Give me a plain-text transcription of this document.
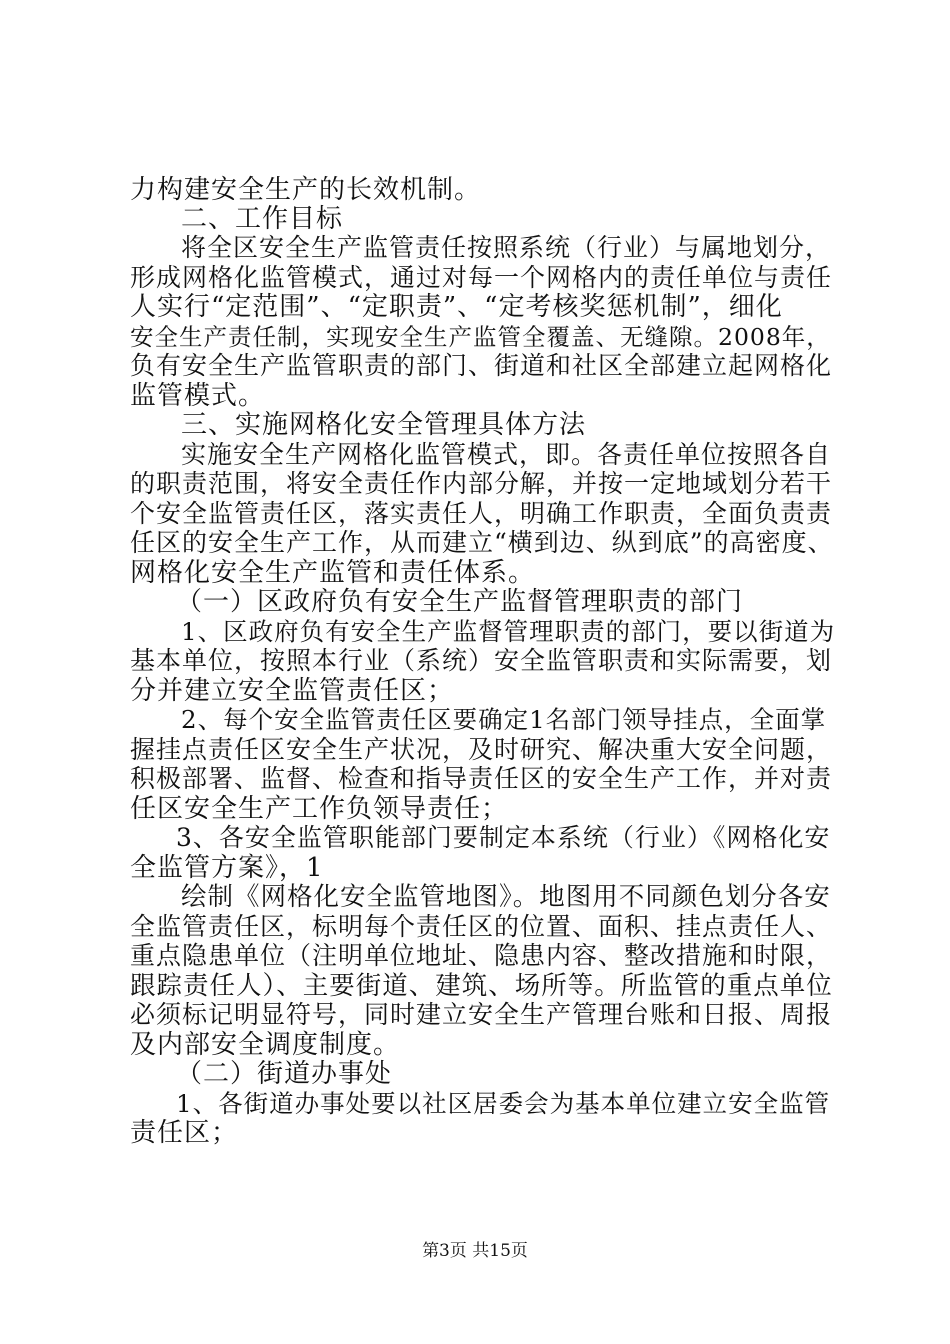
力构建安全生产的长效机制。
二、工作目标
将全区安全生产监管责任按照系统（行业）与属地划分，
形成网格化监管模式，通过对每一个网格内的责任单位与责任
人实行“定范围”、“定职责”、“定考核奖惩机制”，细化
安全生产责任制，实现安全生产监管全覆盖、无缝隙。2008年，
负有安全生产监管职责的部门、街道和社区全部建立起网格化
监管模式。
三、实施网格化安全管理具体方法
实施安全生产网格化监管模式，即。各责任单位按照各自
的职责范围，将安全责任作内部分解，并按一定地域划分若干
个安全监管责任区，落实责任人，明确工作职责，全面负责责
任区的安全生产工作，从而建立“横到边、纵到底”的高密度、
网格化安全生产监管和责任体系。
（一）区政府负有安全生产监督管理职责的部门
1、区政府负有安全生产监督管理职责的部门，要以街道为
基本单位，按照本行业（系统）安全监管职责和实际需要，划
分并建立安全监管责任区；
2、每个安全监管责任区要确定1名部门领导挂点，全面掌
握挂点责任区安全生产状况，及时研究、解决重大安全问题，
积极部署、监督、检查和指导责任区的安全生产工作，并对责
任区安全生产工作负领导责任；
3、各安全监管职能部门要制定本系统（行业）《网格化安
全监管方案》，1
绘制《网格化安全监管地图》。地图用不同颜色划分各安
全监管责任区，标明每个责任区的位置、面积、挂点责任人、
重点隐患单位（注明单位地址、隐患内容、整改措施和时限，
跟踪责任人）、主要街道、建筑、场所等。所监管的重点单位
必须标记明显符号，同时建立安全生产管理台账和日报、周报
及内部安全调度制度。
（二）街道办事处
1、各街道办事处要以社区居委会为基本单位建立安全监管
责任区；
第3页 共15页
